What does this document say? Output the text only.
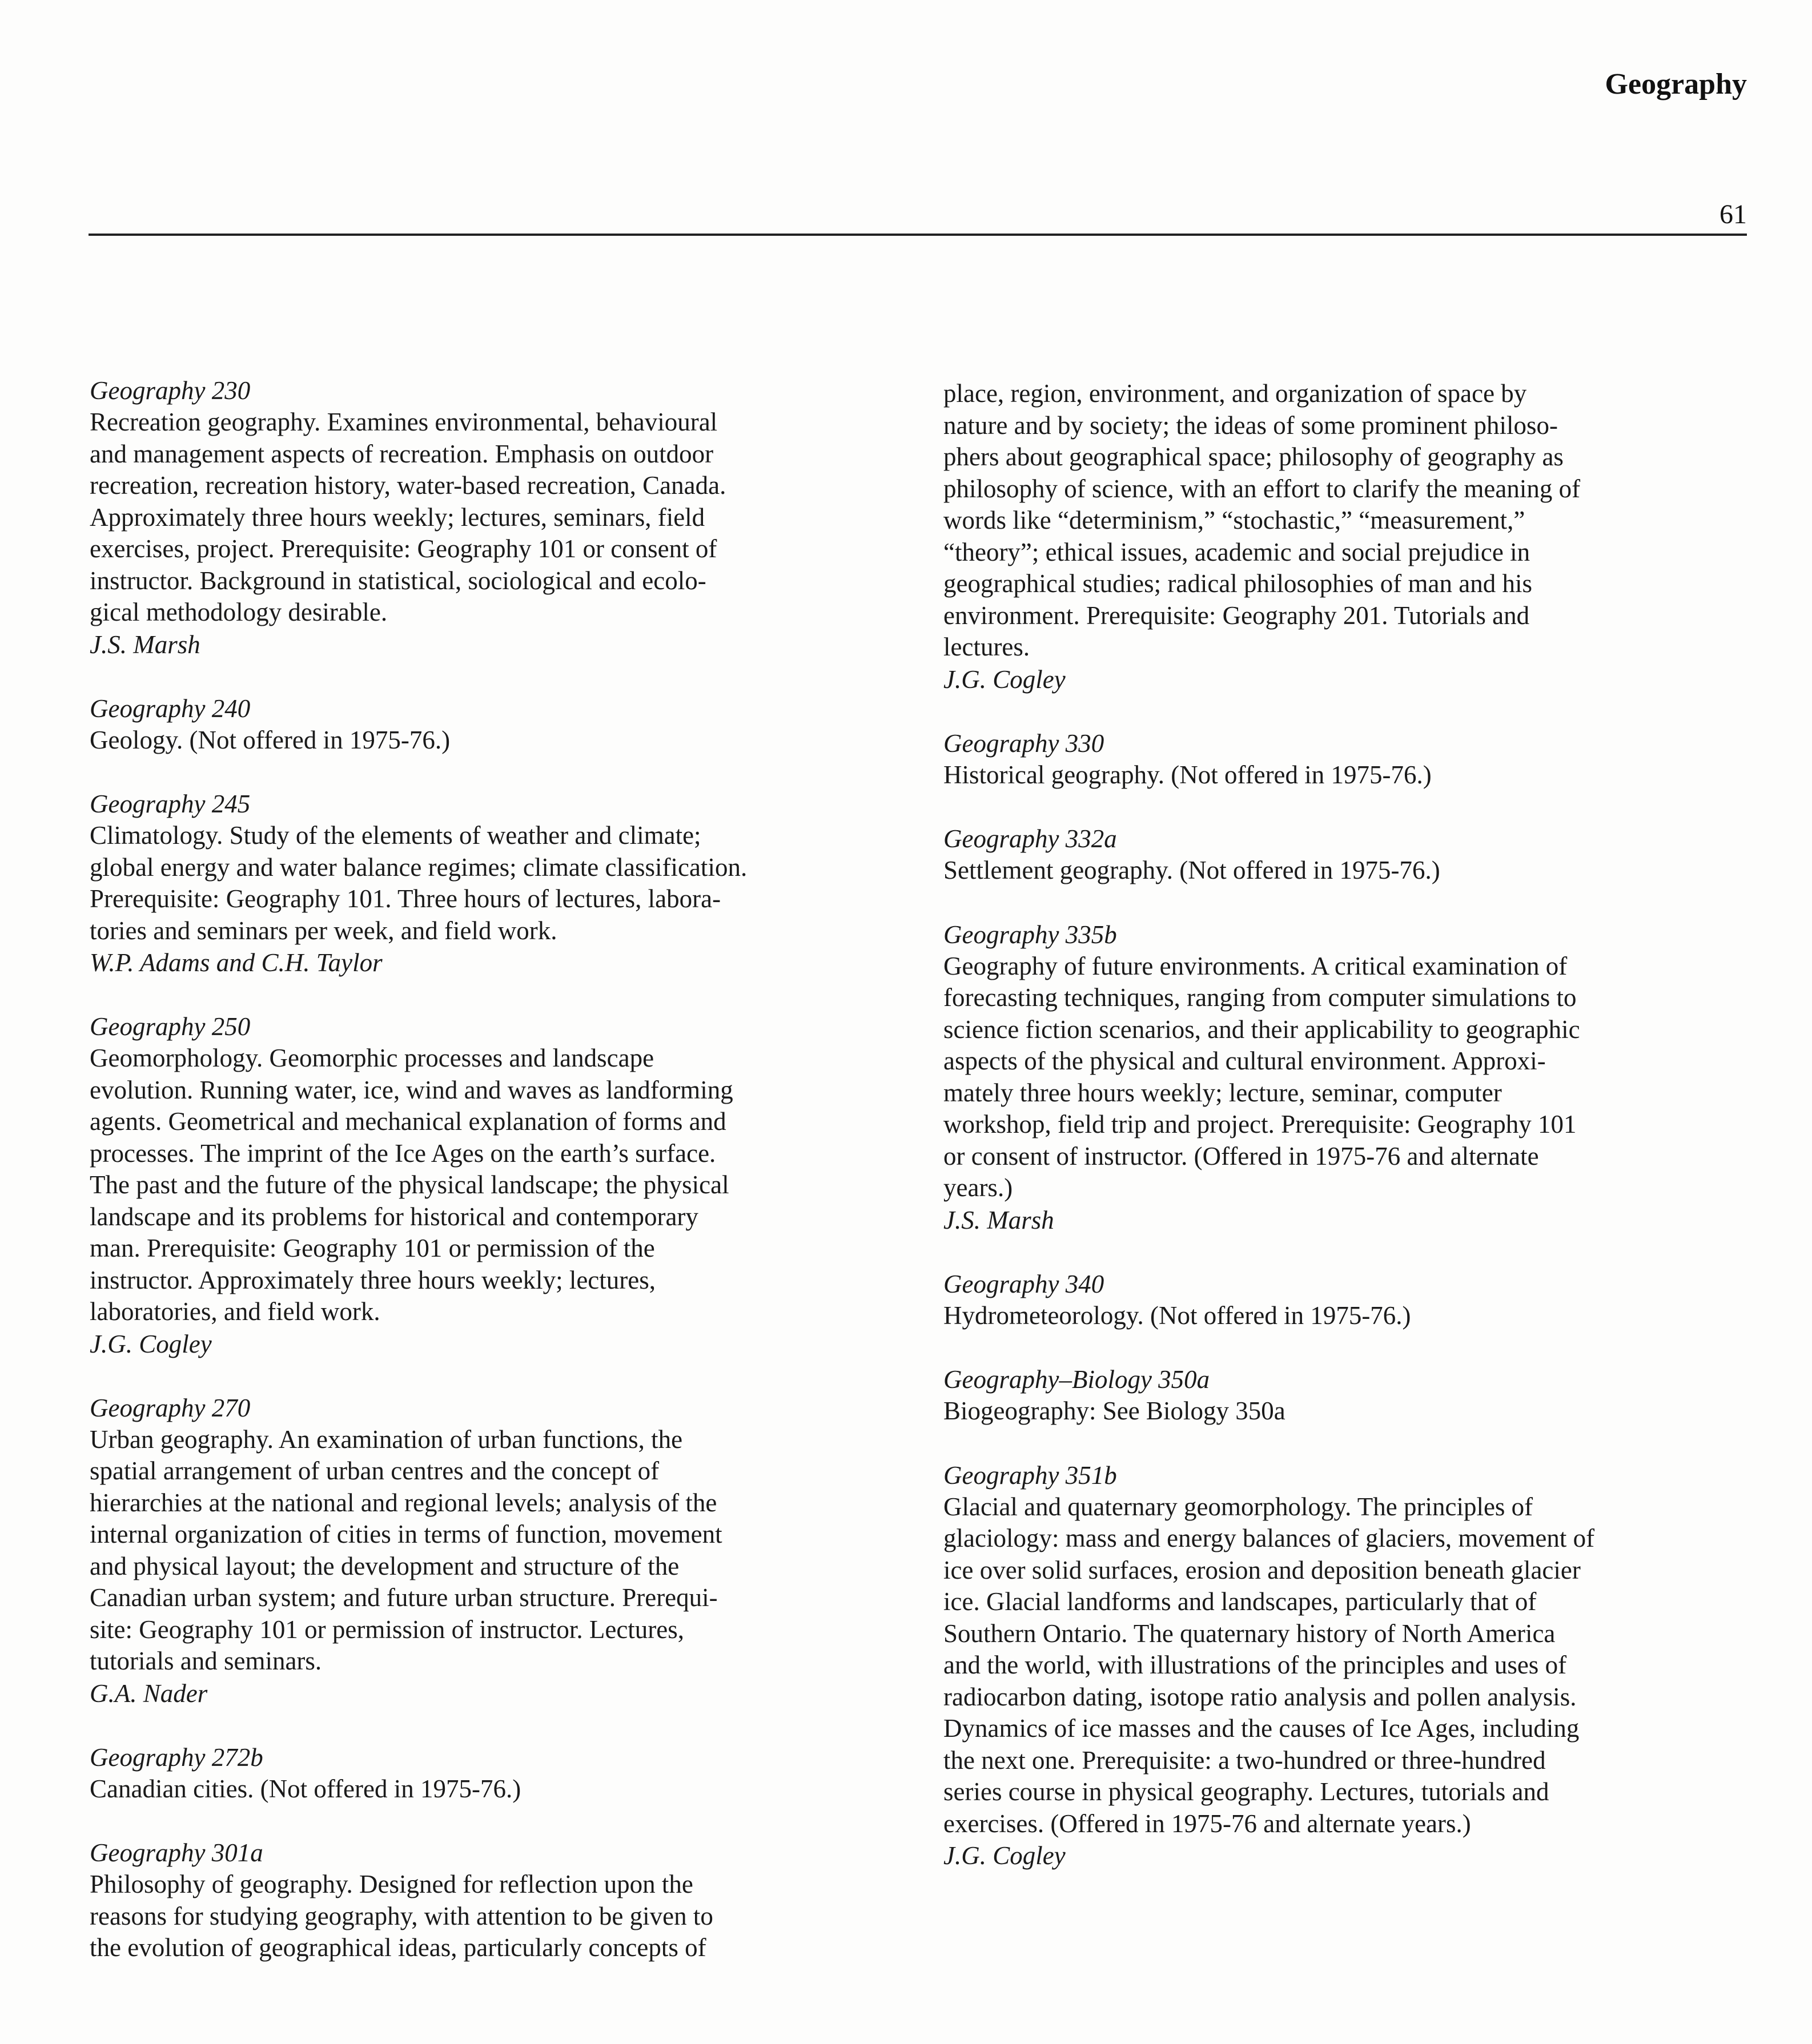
Geography
61

Geography 230

Recreation geography. Examines environmental, behavioural
and management aspects of recreation. Emphasis on outdoor
recreation, recreation history, water-based recreation, Canada.
Approximately three hours weekly; lectures, seminars, field
exercises, project. Prerequisite: Geography 101 or consent of
instructor. Background in statistical, sociological and ecolo-
gical methodology desirable.

J.S. Marsh

Geography 240

Geology. (Not offered in 1975-76.)

Geography 245

Climatology. Study of the elements of weather and climate;
global energy and water balance regimes; climate classification.
Prerequisite: Geography 101. Three hours of lectures, labora-
tories and seminars per week, and field work.

W.P. Adams and C.H. Taylor

Geography 250

Geomorphology. Geomorphic processes and landscape
evolution. Running water, ice, wind and waves as landforming
agents. Geometrical and mechanical explanation of forms and
processes. The imprint of the Ice Ages on the earth’s surface.
The past and the future of the physical landscape; the physical
landscape and its problems for historical and contemporary
man. Prerequisite: Geography 101 or permission of the
instructor. Approximately three hours weekly; lectures,
laboratories, and field work.

J.G. Cogley

Geography 270

Urban geography. An examination of urban functions, the
spatial arrangement of urban centres and the concept of
hierarchies at the national and regional levels; analysis of the
internal organization of cities in terms of function, movement
and physical layout; the development and structure of the
Canadian urban system; and future urban structure. Prerequi-
site: Geography 101 or permission of instructor. Lectures,
tutorials and seminars.

G.A. Nader

Geography 272b

Canadian cities. (Not offered in 1975-76.)

Geography 301a

Philosophy of geography. Designed for reflection upon the
reasons for studying geography, with attention to be given to
the evolution of geographical ideas, particularly concepts of

place, region, environment, and organization of space by
nature and by society; the ideas of some prominent philoso-
phers about geographical space; philosophy of geography as
philosophy of science, with an effort to clarify the meaning of
words like “determinism,” “stochastic,” “measurement,”
“theory”; ethical issues, academic and social prejudice in
geographical studies; radical philosophies of man and his
environment. Prerequisite: Geography 201. Tutorials and
lectures.

J.G. Cogley

Geography 330

Historical geography. (Not offered in 1975-76.)

Geography 332a

Settlement geography. (Not offered in 1975-76.)

Geography 335b

Geography of future environments. A critical examination of
forecasting techniques, ranging from computer simulations to
science fiction scenarios, and their applicability to geographic
aspects of the physical and cultural environment. Approxi-
mately three hours weekly; lecture, seminar, computer
workshop, field trip and project. Prerequisite: Geography 101
or consent of instructor. (Offered in 1975-76 and alternate
years.)

J.S. Marsh

Geography 340

Hydrometeorology. (Not offered in 1975-76.)

Geography–Biology 350a

Biogeography: See Biology 350a

Geography 351b

Glacial and quaternary geomorphology. The principles of
glaciology: mass and energy balances of glaciers, movement of
ice over solid surfaces, erosion and deposition beneath glacier
ice. Glacial landforms and landscapes, particularly that of
Southern Ontario. The quaternary history of North America
and the world, with illustrations of the principles and uses of
radiocarbon dating, isotope ratio analysis and pollen analysis.
Dynamics of ice masses and the causes of Ice Ages, including
the next one. Prerequisite: a two-hundred or three-hundred
series course in physical geography. Lectures, tutorials and
exercises. (Offered in 1975-76 and alternate years.)

J.G. Cogley
